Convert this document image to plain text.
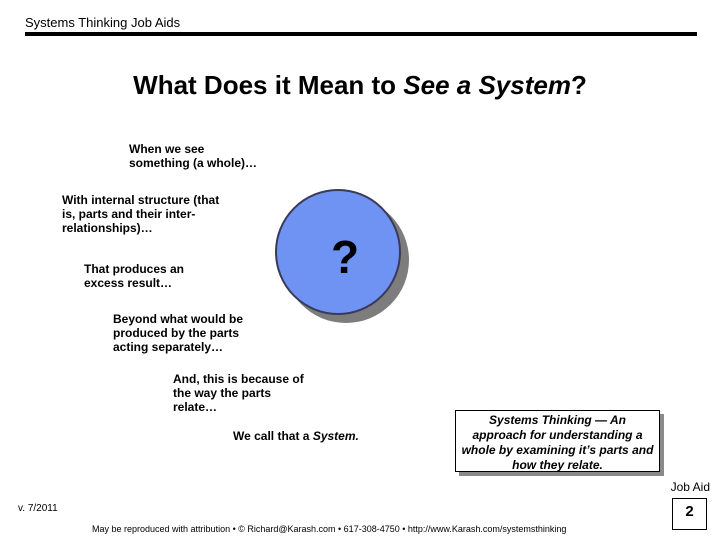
Systems Thinking Job Aids
What Does it Mean to See a System?
When we see
something (a whole)…
With internal structure (that
is, parts and their inter-
relationships)…
That produces an
excess result…
Beyond what would be
produced by the parts
acting separately…
And, this is because of
the way the parts
relate…
We call that a System.
?
Systems Thinking — An
approach for understanding a
whole by examining it’s parts and
how they relate.
Job Aid
v. 7/2011	2
May be reproduced with attribution • © Richard@Karash.com • 617-308-4750 • http://www.Karash.com/systemsthinking
